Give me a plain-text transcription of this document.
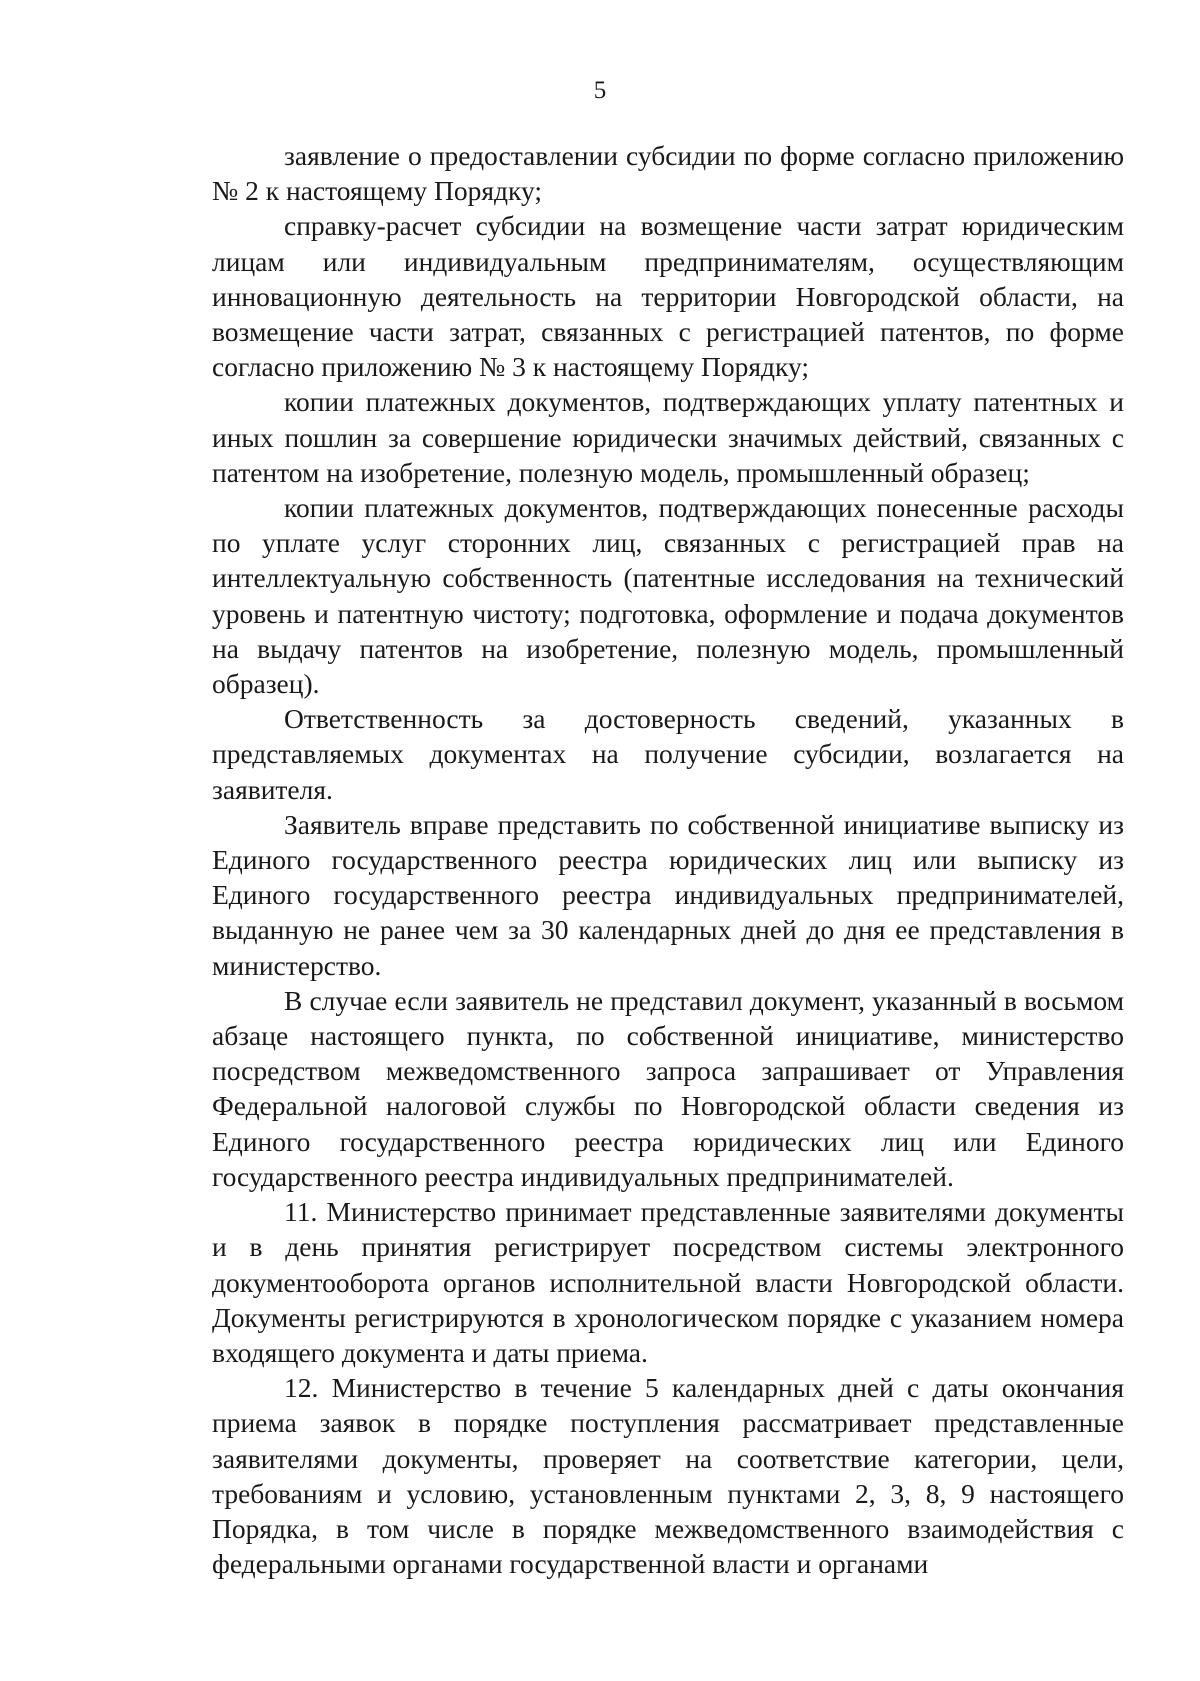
5

заявление о предоставлении субсидии по форме согласно приложению № 2 к настоящему Порядку;

справку-расчет субсидии на возмещение части затрат юридическим лицам или индивидуальным предпринимателям, осуществляющим инновационную деятельность на территории Новгородской области, на возмещение части затрат, связанных с регистрацией патентов, по форме согласно приложению № 3 к настоящему Порядку;

копии платежных документов, подтверждающих уплату патентных и иных пошлин за совершение юридически значимых действий, связанных с патентом на изобретение, полезную модель, промышленный образец;

копии платежных документов, подтверждающих понесенные расходы по уплате услуг сторонних лиц, связанных с регистрацией прав на интеллектуальную собственность (патентные исследования на технический уровень и патентную чистоту; подготовка, оформление и подача документов на выдачу патентов на изобретение, полезную модель, промышленный образец).

Ответственность за достоверность сведений, указанных в представляемых документах на получение субсидии, возлагается на заявителя.

Заявитель вправе представить по собственной инициативе выписку из Единого государственного реестра юридических лиц или выписку из Единого государственного реестра индивидуальных предпринимателей, выданную не ранее чем за 30 календарных дней до дня ее представления в министерство.

В случае если заявитель не представил документ, указанный в восьмом абзаце настоящего пункта, по собственной инициативе, министерство посредством межведомственного запроса запрашивает от Управления Федеральной налоговой службы по Новгородской области сведения из Единого государственного реестра юридических лиц или Единого государственного реестра индивидуальных предпринимателей.

11. Министерство принимает представленные заявителями документы и в день принятия регистрирует посредством системы электронного документооборота органов исполнительной власти Новгородской области. Документы регистрируются в хронологическом порядке с указанием номера входящего документа и даты приема.

12. Министерство в течение 5 календарных дней с даты окончания приема заявок в порядке поступления рассматривает представленные заявителями документы, проверяет на соответствие категории, цели, требованиям и условию, установленным пунктами 2, 3, 8, 9 настоящего Порядка, в том числе в порядке межведомственного взаимодействия с федеральными органами государственной власти и органами
